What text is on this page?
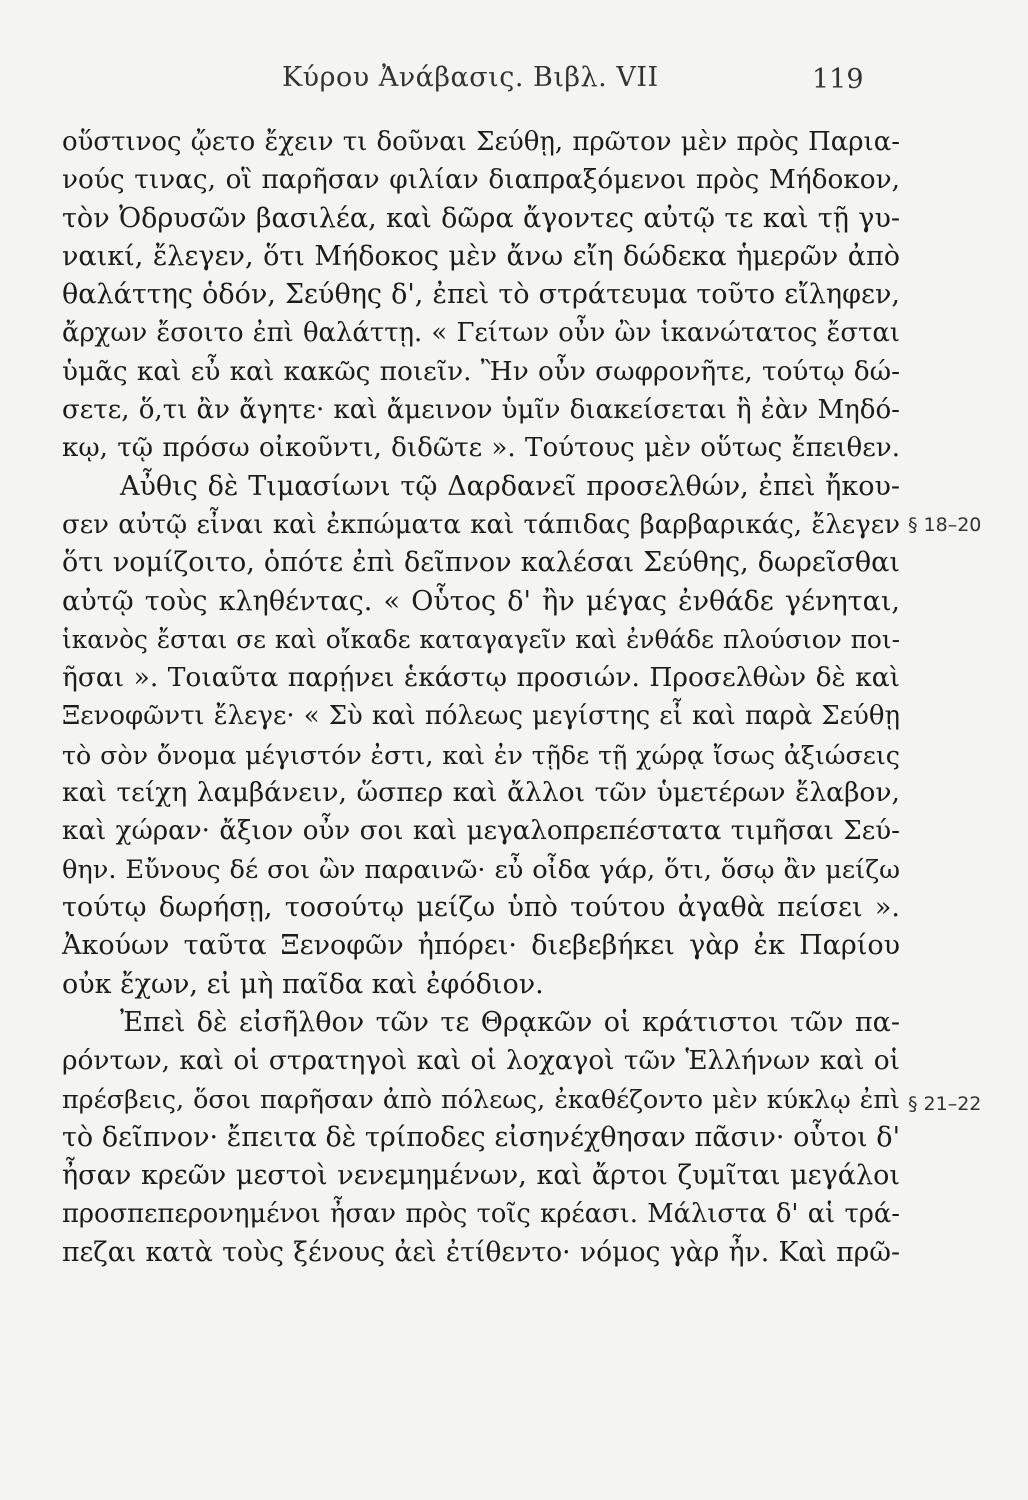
Κύρου Ἀνάβασις. Βιβλ. VII	119
οὕστινος ᾤετο ἔχειν τι δοῦναι Σεύθῃ, πρῶτον μὲν πρὸς Παρια-
νούς τινας, οἳ παρῆσαν φιλίαν διαπραξόμενοι πρὸς Μήδοκον,
τὸν Ὀδρυσῶν βασιλέα, καὶ δῶρα ἄγοντες αὐτῷ τε καὶ τῇ γυ-
ναικί, ἔλεγεν, ὅτι Μήδοκος μὲν ἄνω εἴη δώδεκα ἡμερῶν ἀπὸ
θαλάττης ὁδόν, Σεύθης δ', ἐπεὶ τὸ στράτευμα τοῦτο εἴληφεν,
ἄρχων ἔσοιτο ἐπὶ θαλάττῃ. « Γείτων οὖν ὢν ἱκανώτατος ἔσται
ὑμᾶς καὶ εὖ καὶ κακῶς ποιεῖν. Ἢν οὖν σωφρονῆτε, τούτῳ δώ-
σετε, ὅ,τι ἂν ἄγητε· καὶ ἄμεινον ὑμῖν διακείσεται ἢ ἐὰν Μηδό-
κῳ, τῷ πρόσω οἰκοῦντι, διδῶτε ». Τούτους μὲν οὕτως ἔπειθεν.
Αὖθις δὲ Τιμασίωνι τῷ Δαρδανεῖ προσελθών, ἐπεὶ ἤκου-
σεν αὐτῷ εἶναι καὶ ἐκπώματα καὶ τάπιδας βαρβαρικάς, ἔλεγεν
ὅτι νομίζοιτο, ὁπότε ἐπὶ δεῖπνον καλέσαι Σεύθης, δωρεῖσθαι
αὐτῷ τοὺς κληθέντας. « Οὗτος δ' ἢν μέγας ἐνθάδε γένηται,
ἱκανὸς ἔσται σε καὶ οἴκαδε καταγαγεῖν καὶ ἐνθάδε πλούσιον ποι-
ῆσαι ». Τοιαῦτα παρῄνει ἑκάστῳ προσιών. Προσελθὼν δὲ καὶ
Ξενοφῶντι ἔλεγε· « Σὺ καὶ πόλεως μεγίστης εἶ καὶ παρὰ Σεύθῃ
τὸ σὸν ὄνομα μέγιστόν ἐστι, καὶ ἐν τῇδε τῇ χώρᾳ ἴσως ἀξιώσεις
καὶ τείχη λαμβάνειν, ὥσπερ καὶ ἄλλοι τῶν ὑμετέρων ἔλαβον,
καὶ χώραν· ἄξιον οὖν σοι καὶ μεγαλοπρεπέστατα τιμῆσαι Σεύ-
θην. Εὔνους δέ σοι ὢν παραινῶ· εὖ οἶδα γάρ, ὅτι, ὅσῳ ἂν μείζω
τούτῳ δωρήσῃ, τοσούτῳ μείζω ὑπὸ τούτου ἀγαθὰ πείσει ».
Ἀκούων ταῦτα Ξενοφῶν ἠπόρει· διεβεβήκει γὰρ ἐκ Παρίου
οὐκ ἔχων, εἰ μὴ παῖδα καὶ ἐφόδιον.
Ἐπεὶ δὲ εἰσῆλθον τῶν τε Θρᾳκῶν οἱ κράτιστοι τῶν πα-
ρόντων, καὶ οἱ στρατηγοὶ καὶ οἱ λοχαγοὶ τῶν Ἑλλήνων καὶ οἱ
πρέσβεις, ὅσοι παρῆσαν ἀπὸ πόλεως, ἐκαθέζοντο μὲν κύκλῳ ἐπὶ
τὸ δεῖπνον· ἔπειτα δὲ τρίποδες εἰσηνέχθησαν πᾶσιν· οὗτοι δ'
ἦσαν κρεῶν μεστοὶ νενεμημένων, καὶ ἄρτοι ζυμῖται μεγάλοι
προσπεπερονημένοι ἦσαν πρὸς τοῖς κρέασι. Μάλιστα δ' αἱ τρά-
πεζαι κατὰ τοὺς ξένους ἀεὶ ἐτίθεντο· νόμος γὰρ ἦν. Καὶ πρῶ-
§ 18–20
§ 21–22
